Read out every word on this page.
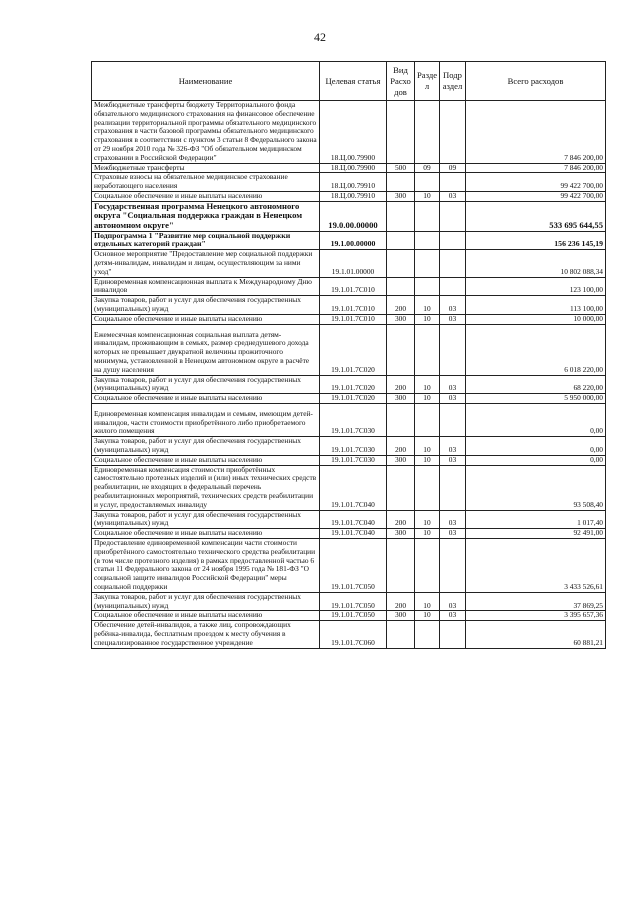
42
Наименование	Целевая статья	Вид Расхо дов	Разде л	Подр аздел	Всего расходов
Межбюджетные трансферты бюджету Территориального фонда обязательного медицинского страхования на финансовое обеспечение реализации территориальной программы обязательного медицинского страхования в части базовой программы обязательного медицинского страхования в соответствии с пунктом 3 статьи 8 Федерального закона от 29 ноября 2010 года № 326-ФЗ "Об обязательном медицинском страховании в Российской Федерации"	18.Ц.00.79900				7 846 200,00
Межбюджетные трансферты	18.Ц.00.79900	500	09	09	7 846 200,00
Страховые взносы на обязательное медицинское страхование неработающего населения	18.Ц.00.79910				99 422 700,00
Социальное обеспечение и иные выплаты населению	18.Ц.00.79910	300	10	03	99 422 700,00
Государственная программа Ненецкого автономного округа "Социальная поддержка граждан в Ненецком автономном округе"	19.0.00.00000				533 695 644,55
Подпрограмма 1 "Развитие мер социальной поддержки отдельных категорий граждан"	19.1.00.00000				156 236 145,19
Основное мероприятие "Предоставление мер социальной поддержки детям-инвалидам, инвалидам и лицам, осуществляющим за ними уход"	19.1.01.00000				10 802 088,34
Единовременная компенсационная выплата к Международному Дню инвалидов	19.1.01.7С010				123 100,00
Закупка товаров, работ и услуг для обеспечения государственных (муниципальных) нужд	19.1.01.7С010	200	10	03	113 100,00
Социальное обеспечение и иные выплаты населению	19.1.01.7С010	300	10	03	10 000,00
Ежемесячная компенсационная социальная выплата детям-инвалидам, проживающим в семьях, размер среднедушевого дохода которых не превышает двукратной величины прожиточного минимума, установленной в Ненецком автономном округе в расчёте на душу населения	19.1.01.7С020				6 018 220,00
Закупка товаров, работ и услуг для обеспечения государственных (муниципальных) нужд	19.1.01.7С020	200	10	03	68 220,00
Социальное обеспечение и иные выплаты населению	19.1.01.7С020	300	10	03	5 950 000,00
Единовременная компенсация инвалидам и семьям, имеющим детей-инвалидов, части стоимости приобретённого либо приобретаемого жилого помещения	19.1.01.7С030				0,00
Закупка товаров, работ и услуг для обеспечения государственных (муниципальных) нужд	19.1.01.7С030	200	10	03	0,00
Социальное обеспечение и иные выплаты населению	19.1.01.7С030	300	10	03	0,00
Единовременная компенсация стоимости приобретённых самостоятельно протезных изделий и (или) иных технических средств реабилитации, не входящих в федеральный перечень реабилитационных мероприятий, технических средств реабилитации и услуг, предоставляемых инвалиду	19.1.01.7С040				93 508,40
Закупка товаров, работ и услуг для обеспечения государственных (муниципальных) нужд	19.1.01.7С040	200	10	03	1 017,40
Социальное обеспечение и иные выплаты населению	19.1.01.7С040	300	10	03	92 491,00
Предоставление единовременной компенсации части стоимости приобретённого самостоятельно технического средства реабилитации (в том числе протезного изделия) в рамках предоставленной частью 6 статьи 11 Федерального закона от 24 ноября 1995 года № 181-ФЗ "О социальной защите инвалидов Российской Федерации" меры социальной поддержки	19.1.01.7С050				3 433 526,61
Закупка товаров, работ и услуг для обеспечения государственных (муниципальных) нужд	19.1.01.7С050	200	10	03	37 869,25
Социальное обеспечение и иные выплаты населению	19.1.01.7С050	300	10	03	3 395 657,36
Обеспечение детей-инвалидов, а также лиц, сопровождающих ребёнка-инвалида, бесплатным проездом к месту обучения в специализированное государственное учреждение	19.1.01.7С060				60 881,21
